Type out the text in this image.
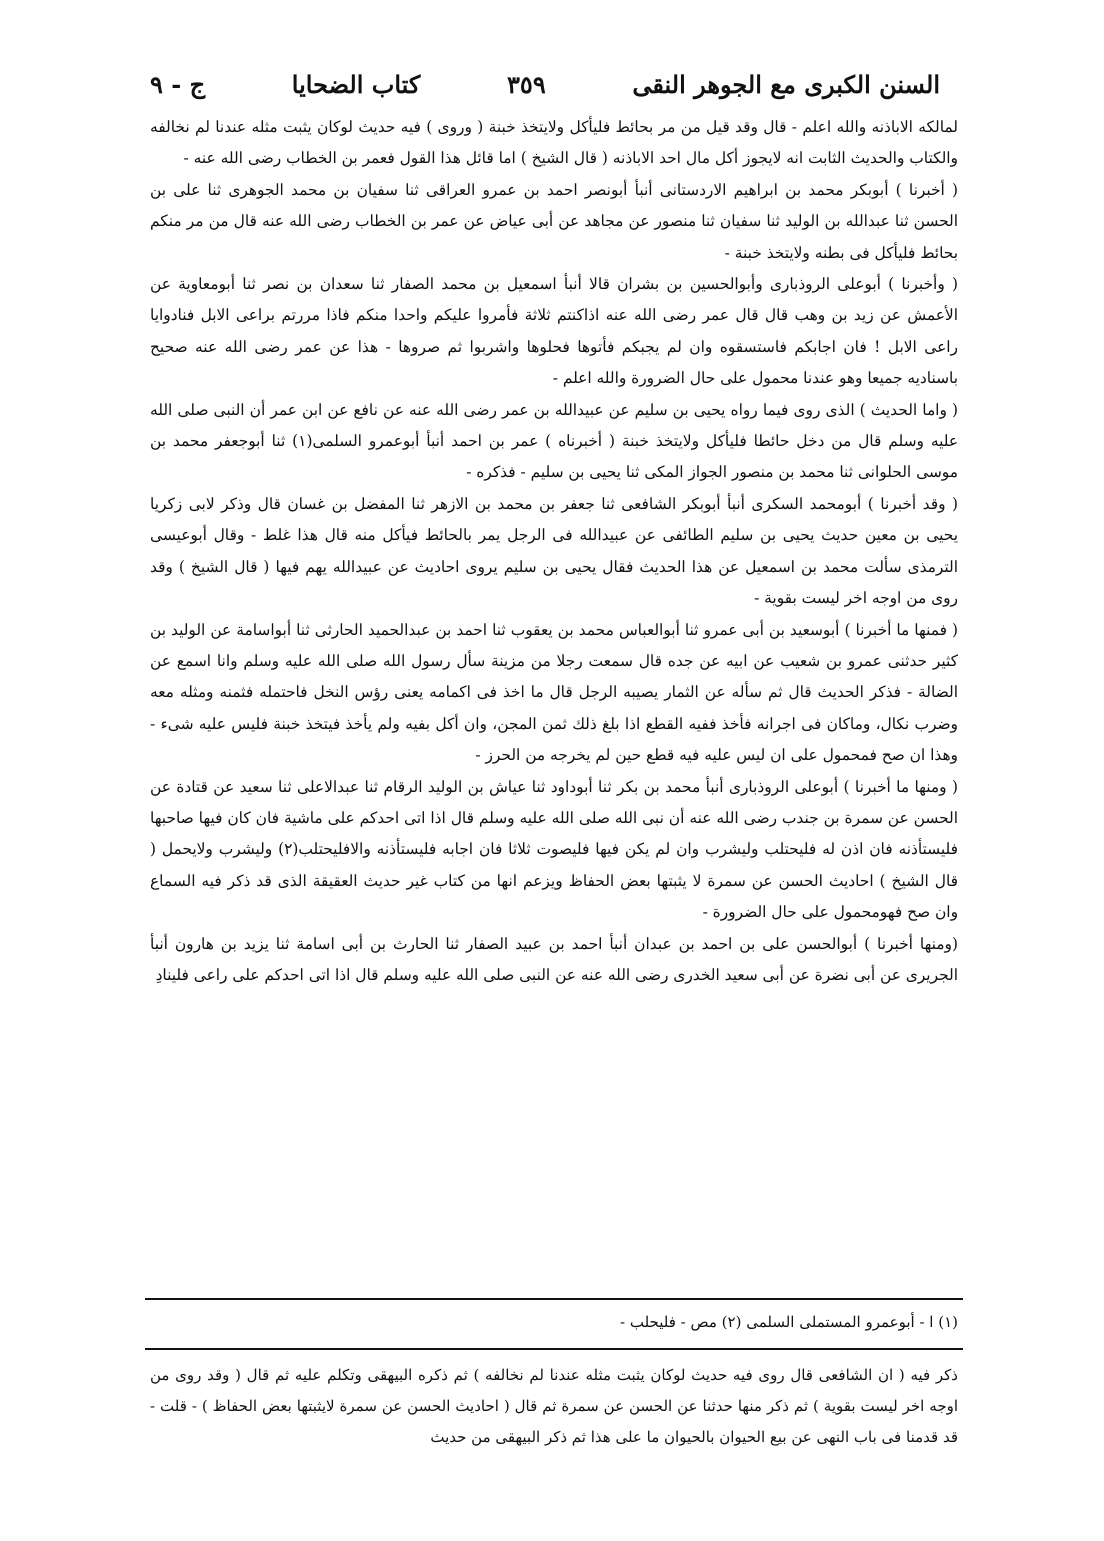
السنن الكبرى مع الجوهر النقى
٣٥٩
كتاب الضحايا
ج - ٩

لمالكه الاباذنه والله اعلم - قال وقد قيل من مر بحائط فليأكل ولايتخذ خبنة ( وروى ) فيه حديث لوكان يثبت مثله عندنا لم نخالفه والكتاب والحديث الثابت انه لايجوز أكل مال احد الاباذنه ( قال الشيخ ) اما قائل هذا القول فعمر بن الخطاب رضى الله عنه -

( أخبرنا ) أبوبكر محمد بن ابراهيم الاردستانى أنبأ أبونصر احمد بن عمرو العراقى ثنا سفيان بن محمد الجوهرى ثنا على بن الحسن ثنا عبدالله بن الوليد ثنا سفيان ثنا منصور عن مجاهد عن أبى عياض عن عمر بن الخطاب رضى الله عنه قال من مر منكم بحائط فليأكل فى بطنه ولايتخذ خبنة -

( وأخبرنا ) أبوعلى الروذبارى وأبوالحسين بن بشران قالا أنبأ اسمعيل بن محمد الصفار ثنا سعدان بن نصر ثنا أبومعاوية عن الأعمش عن زيد بن وهب قال قال عمر رضى الله عنه اذاكنتم ثلاثة فأمروا عليكم واحدا منكم فاذا مررتم براعى الابل فنادوايا راعى الابل ! فان اجابكم فاستسقوه وان لم يجبكم فأتوها فحلوها واشربوا ثم صروها - هذا عن عمر رضى الله عنه صحيح باسناديه جميعا وهو عندنا محمول على حال الضرورة والله اعلم -

( واما الحديث ) الذى روى فيما رواه يحيى بن سليم عن عبيدالله بن عمر رضى الله عنه عن نافع عن ابن عمر أن النبى صلى الله عليه وسلم قال من دخل حائطا فليأكل ولايتخذ خبنة ( أخبرناه ) عمر بن احمد أنبأ أبوعمرو السلمى(١) ثنا أبوجعفر محمد بن موسى الحلوانى ثنا محمد بن منصور الجواز المكى ثنا يحيى بن سليم - فذكره -

( وقد أخبرنا ) أبومحمد السكرى أنبأ أبوبكر الشافعى ثنا جعفر بن محمد بن الازهر ثنا المفضل بن غسان قال وذكر لابى زكريا يحيى بن معين حديث يحيى بن سليم الطائفى عن عبيدالله فى الرجل يمر بالحائط فيأكل منه قال هذا غلط - وقال أبوعيسى الترمذى سألت محمد بن اسمعيل عن هذا الحديث فقال يحيى بن سليم يروى احاديث عن عبيدالله يهم فيها ( قال الشيخ ) وقد روى من اوجه اخر ليست بقوية -

( فمنها ما أخبرنا ) أبوسعيد بن أبى عمرو ثنا أبوالعباس محمد بن يعقوب ثنا احمد بن عبدالحميد الحارثى ثنا أبواسامة عن الوليد بن كثير حدثنى عمرو بن شعيب عن ابيه عن جده قال سمعت رجلا من مزينة سأل رسول الله صلى الله عليه وسلم وانا اسمع عن الضالة - فذكر الحديث قال ثم سأله عن الثمار يصيبه الرجل قال ما اخذ فى اكمامه يعنى رؤس النخل فاحتمله فثمنه ومثله معه وضرب نكال، وماكان فى اجرانه فأخذ ففيه القطع اذا بلغ ذلك ثمن المجن، وان أكل بفيه ولم يأخذ فيتخذ خبنة فليس عليه شىء - وهذا ان صح فمحمول على ان ليس عليه فيه قطع حين لم يخرجه من الحرز -

( ومنها ما أخبرنا ) أبوعلى الروذبارى أنبأ محمد بن بكر ثنا أبوداود ثنا عياش بن الوليد الرقام ثنا عبدالاعلى ثنا سعيد عن قتادة عن الحسن عن سمرة بن جندب رضى الله عنه أن نبى الله صلى الله عليه وسلم قال اذا اتى احدكم على ماشية فان كان فيها صاحبها فليستأذنه فان اذن له فليحتلب وليشرب وان لم يكن فيها فليصوت ثلاثا فان اجابه فليستأذنه والافليحتلب(٢) وليشرب ولايحمل ( قال الشيخ ) احاديث الحسن عن سمرة لا يثبتها بعض الحفاظ ويزعم انها من كتاب غير حديث العقيقة الذى قد ذكر فيه السماع وان صح فهومحمول على حال الضرورة -

(ومنها أخبرنا ) أبوالحسن على بن احمد بن عبدان أنبأ احمد بن عبيد الصفار ثنا الحارث بن أبى اسامة ثنا يزيد بن هارون أنبأ الجريرى عن أبى نضرة عن أبى سعيد الخدرى رضى الله عنه عن النبى صلى الله عليه وسلم قال اذا اتى احدكم على راعى فلينادِ

(١) ا - أبوعمرو المستملى السلمى (٢) مص - فليحلب -
ذكر فيه ( ان الشافعى قال روى فيه حديث لوكان يثبت مثله عندنا لم نخالفه ) ثم ذكره البيهقى وتكلم عليه ثم قال ( وقد روى من اوجه اخر ليست بقوية ) ثم ذكر منها حدثنا عن الحسن عن سمرة ثم قال ( احاديث الحسن عن سمرة لايثبتها بعض الحفاظ ) - قلت - قد قدمنا فى باب النهى عن بيع الحيوان بالحيوان ما على هذا ثم ذكر البيهقى من حديث
